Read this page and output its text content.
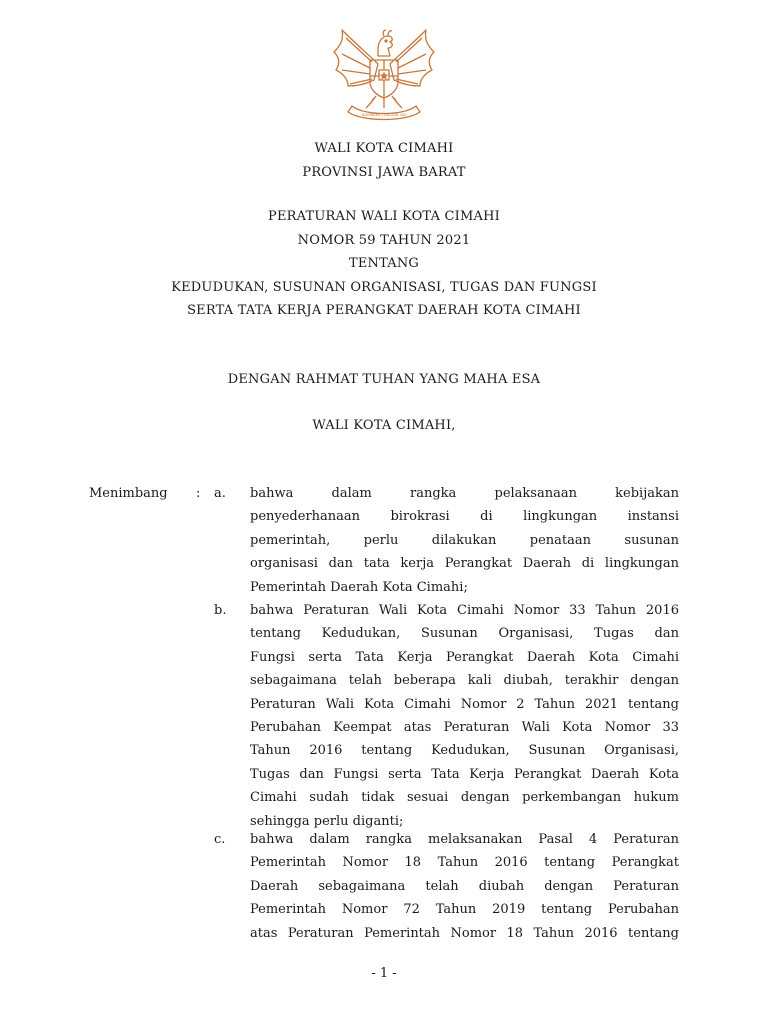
BHINNEKA TUNGGAL IKA
WALI KOTA CIMAHI
PROVINSI JAWA BARAT
PERATURAN WALI KOTA CIMAHI
NOMOR 59 TAHUN 2021
TENTANG
KEDUDUKAN, SUSUNAN ORGANISASI, TUGAS DAN FUNGSI
SERTA TATA KERJA PERANGKAT DAERAH KOTA CIMAHI
DENGAN RAHMAT TUHAN YANG MAHA ESA
WALI KOTA CIMAHI,
Menimbang : a. bahwa dalam rangka pelaksanaan kebijakan
penyederhanaan birokrasi di lingkungan instansi
pemerintah, perlu dilakukan penataan susunan
organisasi dan tata kerja Perangkat Daerah di lingkungan
Pemerintah Daerah Kota Cimahi;
b. bahwa Peraturan Wali Kota Cimahi Nomor 33 Tahun 2016
tentang Kedudukan, Susunan Organisasi, Tugas dan
Fungsi serta Tata Kerja Perangkat Daerah Kota Cimahi
sebagaimana telah beberapa kali diubah, terakhir dengan
Peraturan Wali Kota Cimahi Nomor 2 Tahun 2021 tentang
Perubahan Keempat atas Peraturan Wali Kota Nomor 33
Tahun 2016 tentang Kedudukan, Susunan Organisasi,
Tugas dan Fungsi serta Tata Kerja Perangkat Daerah Kota
Cimahi sudah tidak sesuai dengan perkembangan hukum
sehingga perlu diganti;
c. bahwa dalam rangka melaksanakan Pasal 4 Peraturan
Pemerintah Nomor 18 Tahun 2016 tentang Perangkat
Daerah sebagaimana telah diubah dengan Peraturan
Pemerintah Nomor 72 Tahun 2019 tentang Perubahan
atas Peraturan Pemerintah Nomor 18 Tahun 2016 tentang
- 1 -
